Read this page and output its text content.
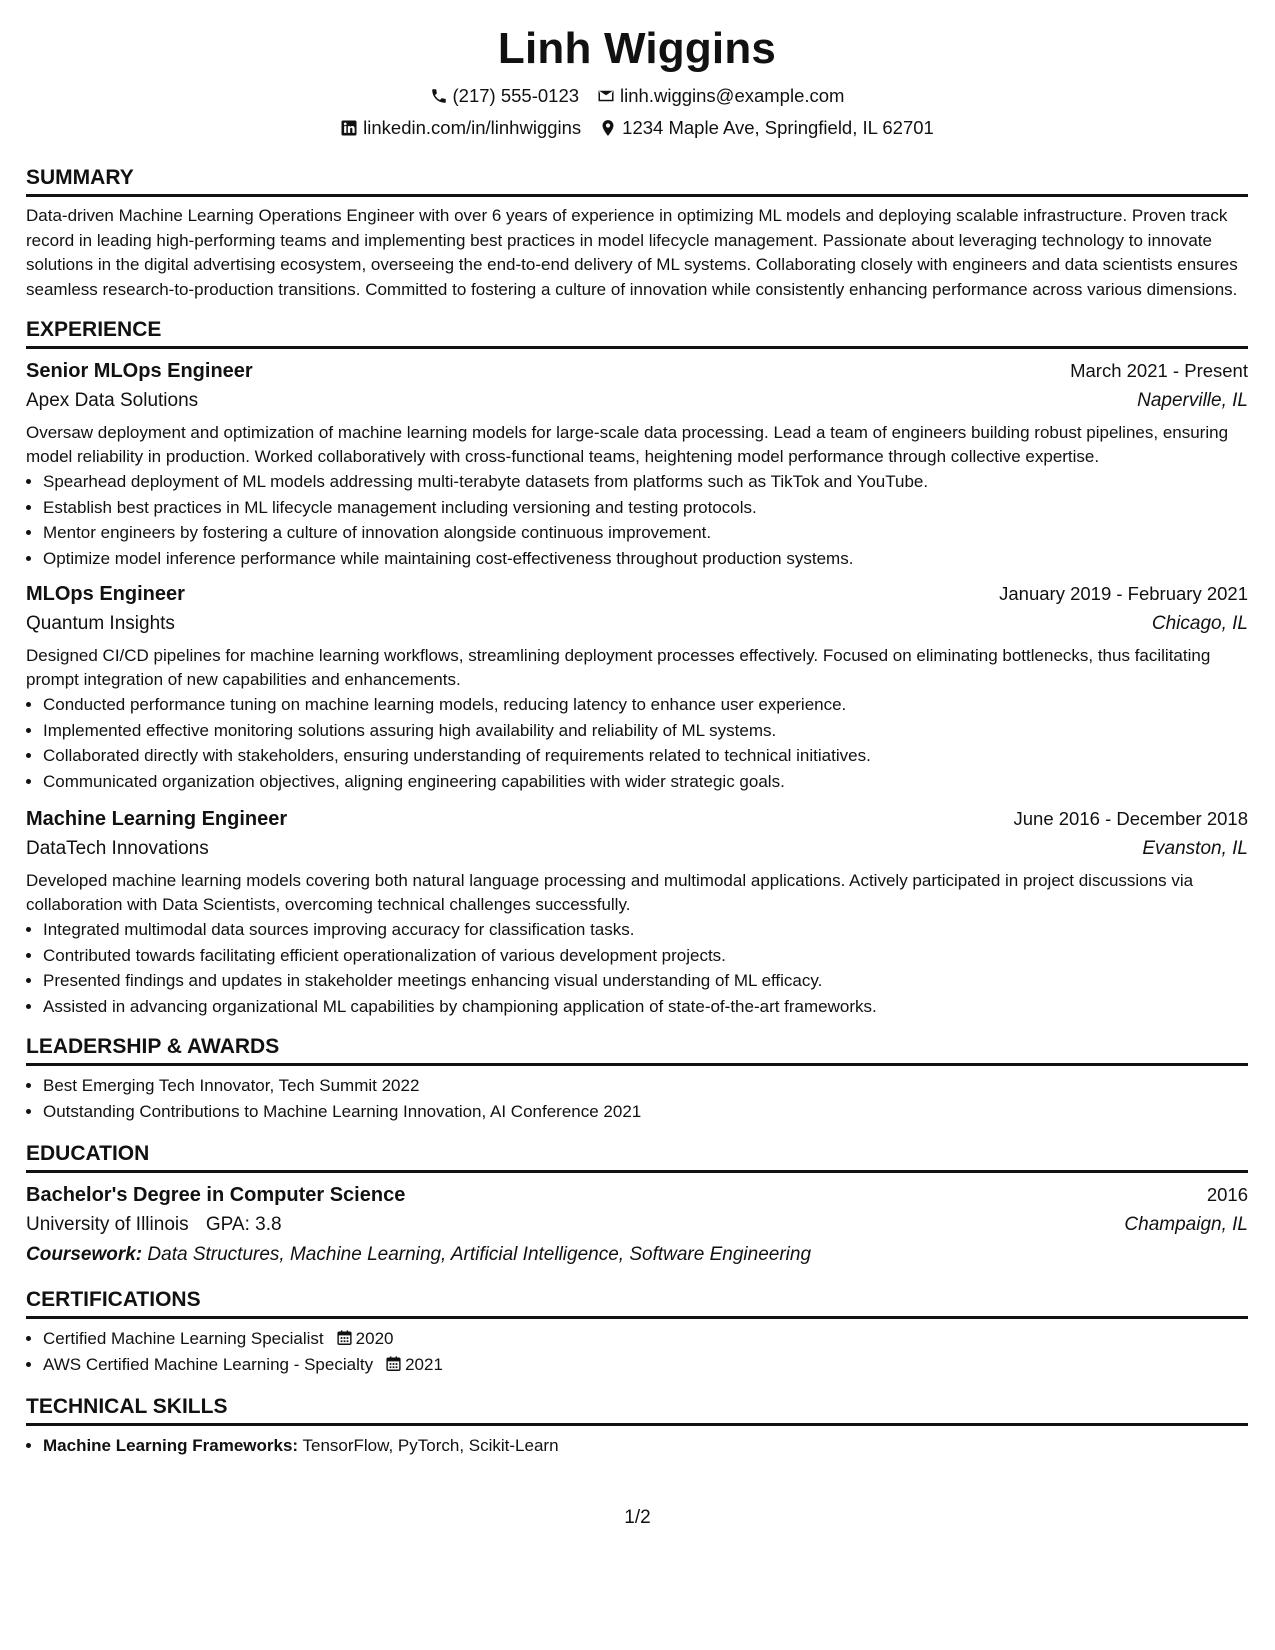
Linh Wiggins
(217) 555-0123 linh.wiggins@example.com
linkedin.com/in/linhwiggins 1234 Maple Ave, Springfield, IL 62701
SUMMARY

Data-driven Machine Learning Operations Engineer with over 6 years of experience in optimizing ML models and deploying scalable infrastructure. Proven track record in leading high-performing teams and implementing best practices in model lifecycle management. Passionate about leveraging technology to innovate solutions in the digital advertising ecosystem, overseeing the end-to-end delivery of ML systems. Collaborating closely with engineers and data scientists ensures seamless research-to-production transitions. Committed to fostering a culture of innovation while consistently enhancing performance across various dimensions.

EXPERIENCE
Senior MLOps Engineer	March 2021 - Present
Apex Data Solutions	Naperville, IL

Oversaw deployment and optimization of machine learning models for large-scale data processing. Lead a team of engineers building robust pipelines, ensuring model reliability in production. Worked collaboratively with cross-functional teams, heightening model performance through collective expertise.

• Spearhead deployment of ML models addressing multi-terabyte datasets from platforms such as TikTok and YouTube.
• Establish best practices in ML lifecycle management including versioning and testing protocols.
• Mentor engineers by fostering a culture of innovation alongside continuous improvement.
• Optimize model inference performance while maintaining cost-effectiveness throughout production systems.
MLOps Engineer	January 2019 - February 2021
Quantum Insights	Chicago, IL

Designed CI/CD pipelines for machine learning workflows, streamlining deployment processes effectively. Focused on eliminating bottlenecks, thus facilitating prompt integration of new capabilities and enhancements.

• Conducted performance tuning on machine learning models, reducing latency to enhance user experience.
• Implemented effective monitoring solutions assuring high availability and reliability of ML systems.
• Collaborated directly with stakeholders, ensuring understanding of requirements related to technical initiatives.
• Communicated organization objectives, aligning engineering capabilities with wider strategic goals.
Machine Learning Engineer	June 2016 - December 2018
DataTech Innovations	Evanston, IL

Developed machine learning models covering both natural language processing and multimodal applications. Actively participated in project discussions via collaboration with Data Scientists, overcoming technical challenges successfully.

• Integrated multimodal data sources improving accuracy for classification tasks.
• Contributed towards facilitating efficient operationalization of various development projects.
• Presented findings and updates in stakeholder meetings enhancing visual understanding of ML efficacy.
• Assisted in advancing organizational ML capabilities by championing application of state-of-the-art frameworks.
LEADERSHIP & AWARDS
• Best Emerging Tech Innovator, Tech Summit 2022
• Outstanding Contributions to Machine Learning Innovation, AI Conference 2021
EDUCATION
Bachelor's Degree in Computer Science	2016
University of Illinois GPA: 3.8	Champaign, IL
Coursework: Data Structures, Machine Learning, Artificial Intelligence, Software Engineering
CERTIFICATIONS
• Certified Machine Learning Specialist 2020
• AWS Certified Machine Learning - Specialty 2021
TECHNICAL SKILLS
• Machine Learning Frameworks: TensorFlow, PyTorch, Scikit-Learn
1/2
